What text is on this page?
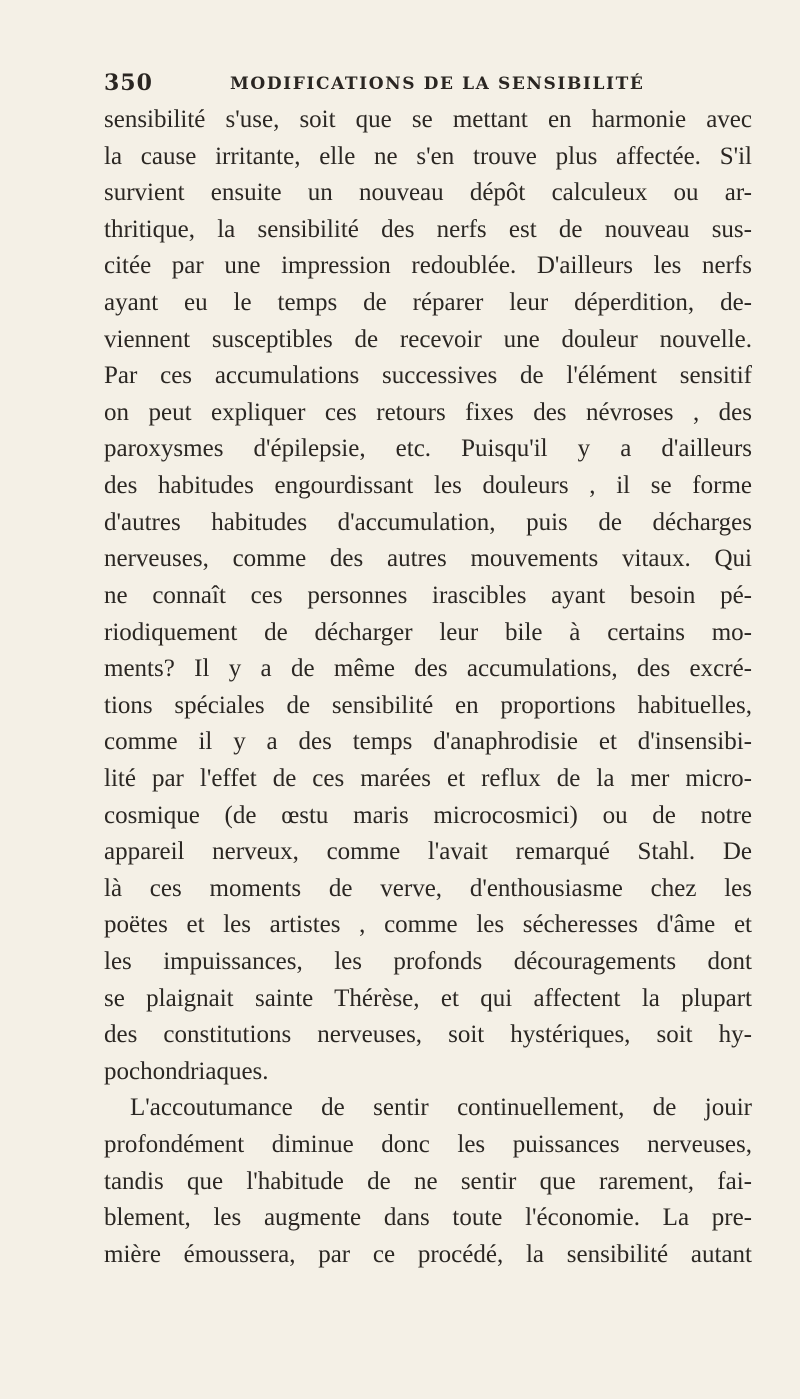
350	MODIFICATIONS DE LA SENSIBILITÉ
sensibilité s'use, soit que se mettant en harmonie avec
la cause irritante, elle ne s'en trouve plus affectée. S'il
survient ensuite un nouveau dépôt calculeux ou ar-
thritique, la sensibilité des nerfs est de nouveau sus-
citée par une impression redoublée. D'ailleurs les nerfs
ayant eu le temps de réparer leur déperdition, de-
viennent susceptibles de recevoir une douleur nouvelle.
Par ces accumulations successives de l'élément sensitif
on peut expliquer ces retours fixes des névroses , des
paroxysmes d'épilepsie, etc. Puisqu'il y a d'ailleurs
des habitudes engourdissant les douleurs , il se forme
d'autres habitudes d'accumulation, puis de décharges
nerveuses, comme des autres mouvements vitaux. Qui
ne connaît ces personnes irascibles ayant besoin pé-
riodiquement de décharger leur bile à certains mo-
ments? Il y a de même des accumulations, des excré-
tions spéciales de sensibilité en proportions habituelles,
comme il y a des temps d'anaphrodisie et d'insensibi-
lité par l'effet de ces marées et reflux de la mer micro-
cosmique (de œstu maris microcosmici) ou de notre
appareil nerveux, comme l'avait remarqué Stahl. De
là ces moments de verve, d'enthousiasme chez les
poëtes et les artistes , comme les sécheresses d'âme et
les impuissances, les profonds découragements dont
se plaignait sainte Thérèse, et qui affectent la plupart
des constitutions nerveuses, soit hystériques, soit hy-
pochondriaques.
L'accoutumance de sentir continuellement, de jouir
profondément diminue donc les puissances nerveuses,
tandis que l'habitude de ne sentir que rarement, fai-
blement, les augmente dans toute l'économie. La pre-
mière émoussera, par ce procédé, la sensibilité autant
